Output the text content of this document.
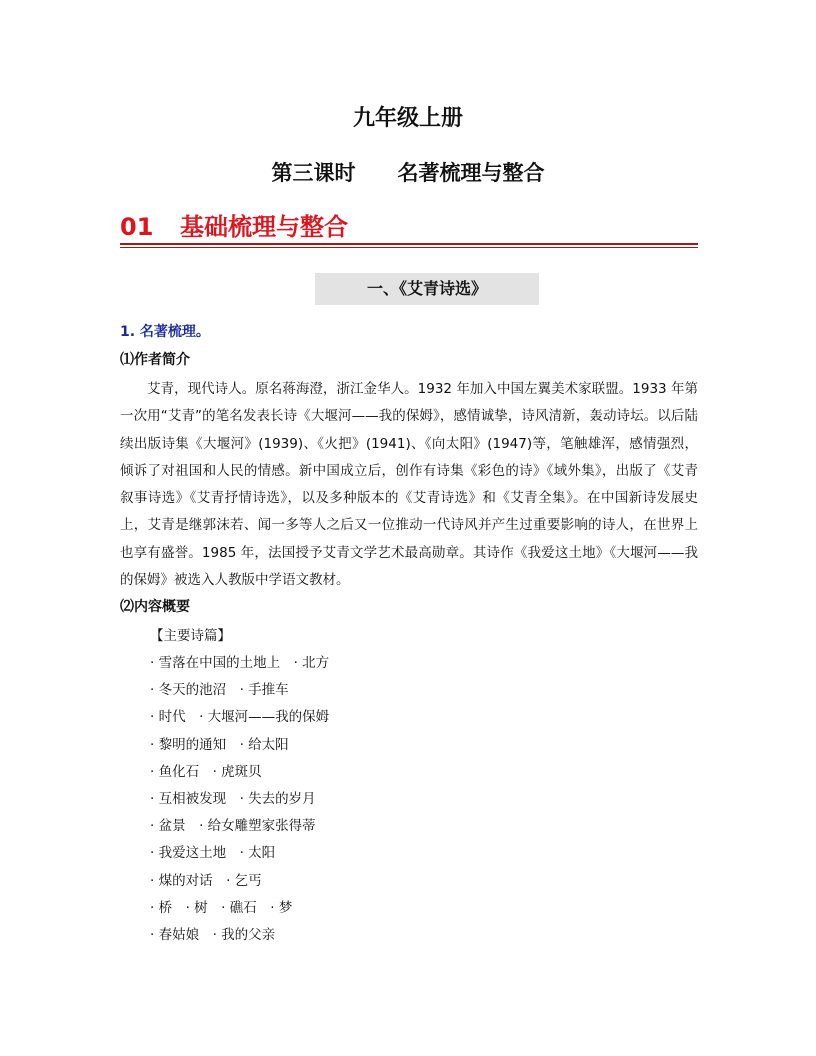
九年级上册
第三课时　　名著梳理与整合
01 基础梳理与整合
一、《艾青诗选》
1. 名著梳理。
⑴作者简介

艾青，现代诗人。原名蒋海澄，浙江金华人。1932 年加入中国左翼美术家联盟。1933 年第一次用“艾青”的笔名发表长诗《大堰河——我的保姆》，感情诚挚，诗风清新，轰动诗坛。以后陆续出版诗集《大堰河》(1939)、《火把》(1941)、《向太阳》(1947)等，笔触雄浑，感情强烈，倾诉了对祖国和人民的情感。新中国成立后，创作有诗集《彩色的诗》《域外集》，出版了《艾青叙事诗选》《艾青抒情诗选》，以及多种版本的《艾青诗选》和《艾青全集》。在中国新诗发展史上，艾青是继郭沫若、闻一多等人之后又一位推动一代诗风并产生过重要影响的诗人，在世界上也享有盛誉。1985 年，法国授予艾青文学艺术最高勋章。其诗作《我爱这土地》《大堰河——我的保姆》被选入人教版中学语文教材。

⑵内容概要
【主要诗篇】
· 雪落在中国的土地上　· 北方
· 冬天的池沼　· 手推车
· 时代　· 大堰河——我的保姆
· 黎明的通知　· 给太阳
· 鱼化石　· 虎斑贝
· 互相被发现　· 失去的岁月
· 盆景　· 给女雕塑家张得蒂
· 我爱这土地　· 太阳
· 煤的对话　· 乞丐
· 桥　· 树　· 礁石　· 梦
· 春姑娘　· 我的父亲
